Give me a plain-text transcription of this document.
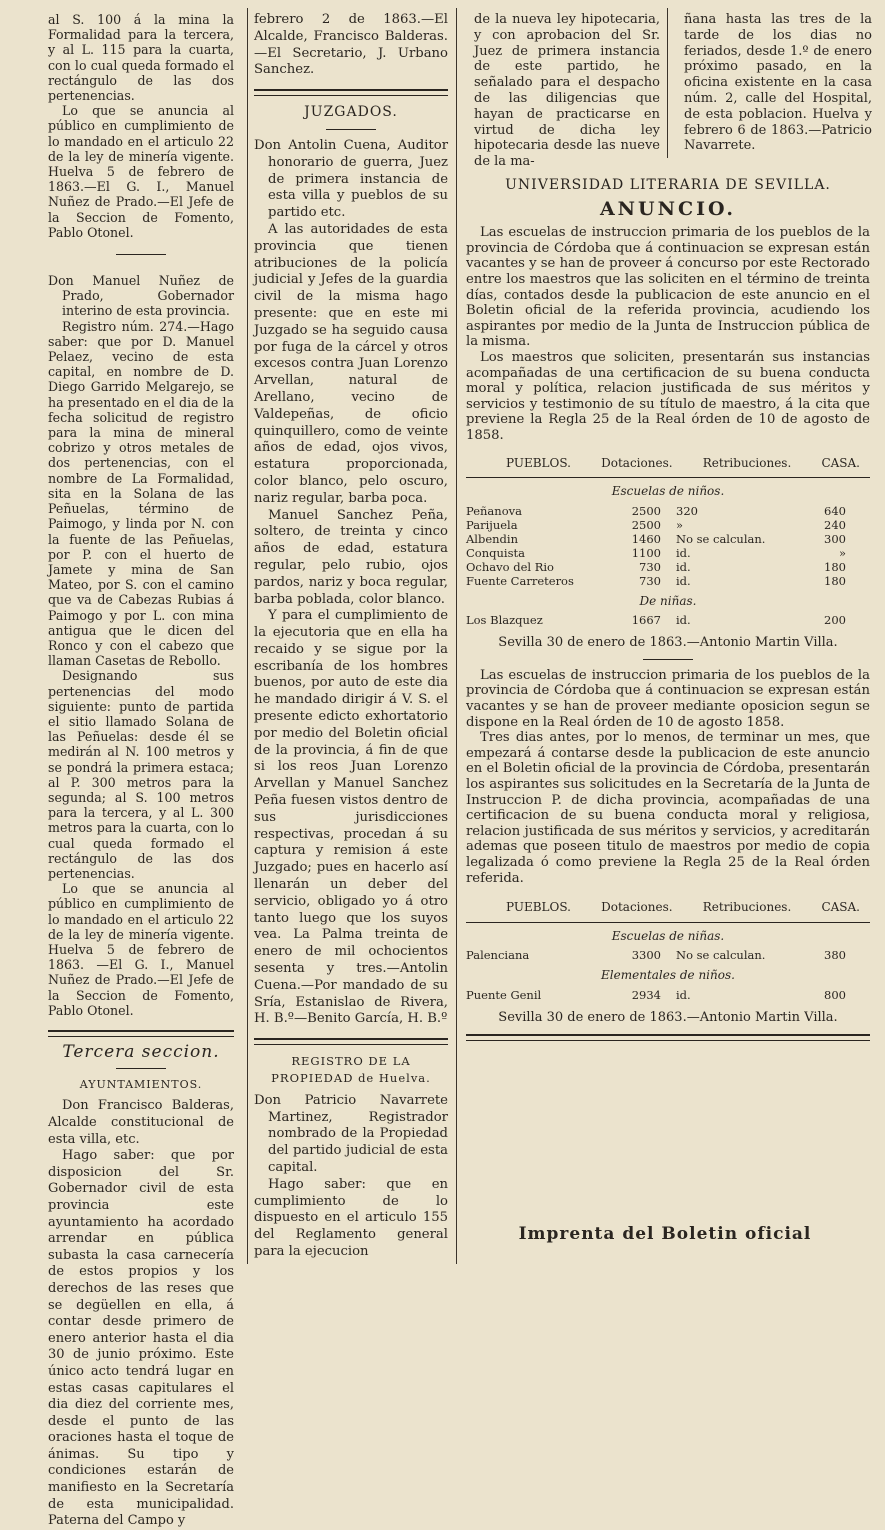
al S. 100 á la mina la Formalidad para la tercera, y al L. 115 para la cuarta, con lo cual queda formado el rectángulo de las dos pertenencias.

Lo que se anuncia al público en cumplimiento de lo mandado en el articulo 22 de la ley de minería vigente. Huelva 5 de febrero de 1863.—El G. I., Manuel Nuñez de Prado.—El Jefe de la Seccion de Fomento, Pablo Otonel.

Don Manuel Nuñez de Prado, Gobernador interino de esta provincia.

Registro núm. 274.—Hago saber: que por D. Manuel Pelaez, vecino de esta capital, en nombre de D. Diego Garrido Melgarejo, se ha presentado en el dia de la fecha solicitud de registro para la mina de mineral cobrizo y otros metales de dos pertenencias, con el nombre de La Formalidad, sita en la Solana de las Peñuelas, término de Paimogo, y linda por N. con la fuente de las Peñuelas, por P. con el huerto de Jamete y mina de San Mateo, por S. con el camino que va de Cabezas Rubias á Paimogo y por L. con mina antigua que le dicen del Ronco y con el cabezo que llaman Casetas de Rebollo.

Designando sus pertenencias del modo siguiente: punto de partida el sitio llamado Solana de las Peñuelas: desde él se medirán al N. 100 metros y se pondrá la primera estaca; al P. 300 metros para la segunda; al S. 100 metros para la tercera, y al L. 300 metros para la cuarta, con lo cual queda formado el rectángulo de las dos pertenencias.

Lo que se anuncia al público en cumplimiento de lo mandado en el articulo 22 de la ley de minería vigente. Huelva 5 de febrero de 1863. —El G. I., Manuel Nuñez de Prado.—El Jefe de la Seccion de Fomento, Pablo Otonel.

Tercera seccion.
AYUNTAMIENTOS.

Don Francisco Balderas, Alcalde constitucional de esta villa, etc.

Hago saber: que por disposicion del Sr. Gobernador civil de esta provincia este ayuntamiento ha acordado arrendar en pública subasta la casa carnecería de estos propios y los derechos de las reses que se degüellen en ella, á contar desde primero de enero anterior hasta el dia 30 de junio próximo. Este único acto tendrá lugar en estas casas capitulares el dia diez del corriente mes, desde el punto de las oraciones hasta el toque de ánimas. Su tipo y condiciones estarán de manifiesto en la Secretaría de esta municipalidad. Paterna del Campo y

febrero 2 de 1863.—El Alcalde, Francisco Balderas.—El Secretario, J. Urbano Sanchez.

JUZGADOS.

Don Antolin Cuena, Auditor honorario de guerra, Juez de primera instancia de esta villa y pueblos de su partido etc.

A las autoridades de esta provincia que tienen atribuciones de la policía judicial y Jefes de la guardia civil de la misma hago presente: que en este mi Juzgado se ha seguido causa por fuga de la cárcel y otros excesos contra Juan Lorenzo Arvellan, natural de Arellano, vecino de Valdepeñas, de oficio quinquillero, como de veinte años de edad, ojos vivos, estatura proporcionada, color blanco, pelo oscuro, nariz regular, barba poca.

Manuel Sanchez Peña, soltero, de treinta y cinco años de edad, estatura regular, pelo rubio, ojos pardos, nariz y boca regular, barba poblada, color blanco.

Y para el cumplimiento de la ejecutoria que en ella ha recaido y se sigue por la escribanía de los hombres buenos, por auto de este dia he mandado dirigir á V. S. el presente edicto exhortatorio por medio del Boletin oficial de la provincia, á fin de que si los reos Juan Lorenzo Arvellan y Manuel Sanchez Peña fuesen vistos dentro de sus jurisdicciones respectivas, procedan á su captura y remision á este Juzgado; pues en hacerlo así llenarán un deber del servicio, obligado yo á otro tanto luego que los suyos vea. La Palma treinta de enero de mil ochocientos sesenta y tres.—Antolin Cuena.—Por mandado de su Sría, Estanislao de Rivera, H. B.º—Benito García, H. B.º

REGISTRO DE LA PROPIEDAD de Huelva.

Don Patricio Navarrete Martinez, Registrador nombrado de la Propiedad del partido judicial de esta capital.

Hago saber: que en cumplimiento de lo dispuesto en el articulo 155 del Reglamento general para la ejecucion

de la nueva ley hipotecaria, y con aprobacion del Sr. Juez de primera instancia de este partido, he señalado para el despacho de las diligencias que hayan de practicarse en virtud de dicha ley hipotecaria desde las nueve de la ma-

ñana hasta las tres de la tarde de los dias no feriados, desde 1.º de enero próximo pasado, en la oficina existente en la casa núm. 2, calle del Hospital, de esta poblacion. Huelva y febrero 6 de 1863.—Patricio Navarrete.

UNIVERSIDAD LITERARIA DE SEVILLA.
ANUNCIO.

Las escuelas de instruccion primaria de los pueblos de la provincia de Córdoba que á continuacion se expresan están vacantes y se han de proveer á concurso por este Rectorado entre los maestros que las soliciten en el término de treinta días, contados desde la publicacion de este anuncio en el Boletin oficial de la referida provincia, acudiendo los aspirantes por medio de la Junta de Instruccion pública de la misma.

Los maestros que soliciten, presentarán sus instancias acompañadas de una certificacion de su buena conducta moral y política, relacion justificada de sus méritos y servicios y testimonio de su título de maestro, á la cita que previene la Regla 25 de la Real órden de 10 de agosto de 1858.

PUEBLOS.	Dotaciones.	Retribuciones.	CASA.
Escuelas de niños.
Peñanova	2500	320	640
Parijuela	2500	»	240
Albendin	1460	No se calculan.	300
Conquista	1100	id.	»
Ochavo del Rio	730	id.	180
Fuente Carreteros	730	id.	180
De niñas.
Los Blazquez	1667	id.	200
Sevilla 30 de enero de 1863.—Antonio Martin Villa.

Las escuelas de instruccion primaria de los pueblos de la provincia de Córdoba que á continuacion se expresan están vacantes y se han de proveer mediante oposicion segun se dispone en la Real órden de 10 de agosto 1858.

Tres dias antes, por lo menos, de terminar un mes, que empezará á contarse desde la publicacion de este anuncio en el Boletin oficial de la provincia de Córdoba, presentarán los aspirantes sus solicitudes en la Secretaría de la Junta de Instruccion P. de dicha provincia, acompañadas de una certificacion de su buena conducta moral y religiosa, relacion justificada de sus méritos y servicios, y acreditarán ademas que poseen titulo de maestros por medio de copia legalizada ó como previene la Regla 25 de la Real órden referida.

PUEBLOS.	Dotaciones.	Retribuciones.	CASA.
Escuelas de niñas.
Palenciana	3300	No se calculan.	380
Elementales de niños.
Puente Genil	2934	id.	800
Sevilla 30 de enero de 1863.—Antonio Martin Villa.
Imprenta del Boletin oficial
